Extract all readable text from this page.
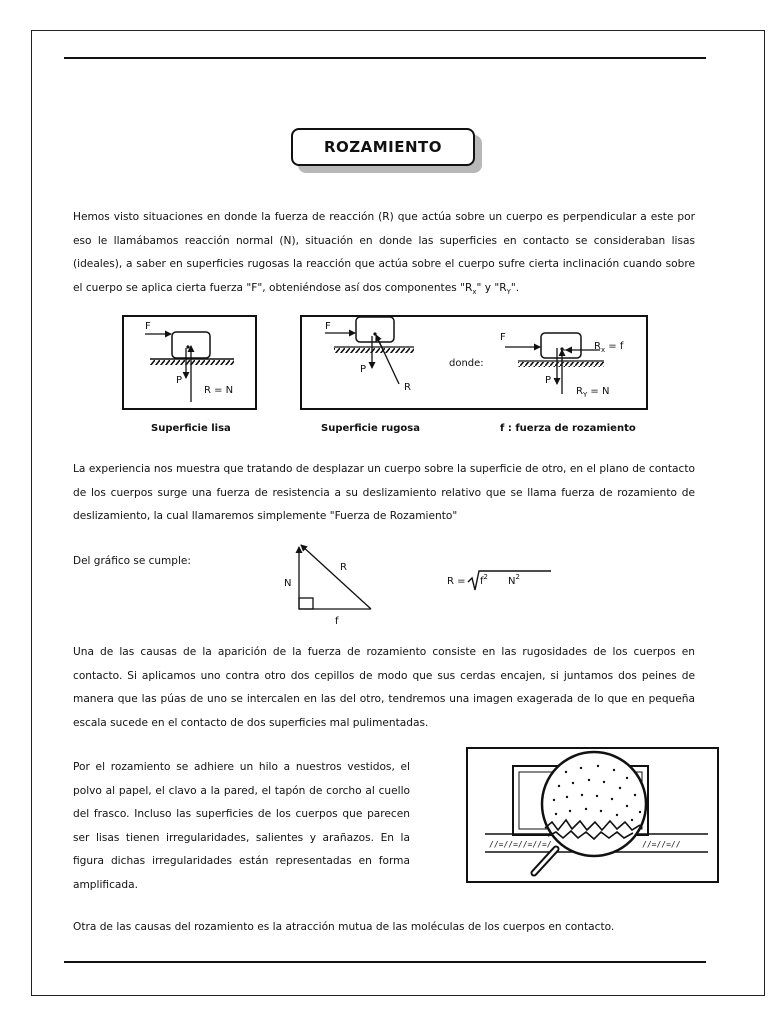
ROZAMIENTO

Hemos visto situaciones en donde la fuerza de reacción (R) que actúa sobre un cuerpo es perpendicular a este por eso le llamábamos reacción normal (N), situación en donde las superficies en contacto se consideraban lisas (ideales), a saber en superficies rugosas la reacción que actúa sobre el cuerpo sufre cierta inclinación cuando sobre el cuerpo se aplica cierta fuerza "F", obteniéndose así dos componentes "$R_x$" y "$R_Y$".

F
P
R = N
F
P
R
donde:
F
P
$R_x = f$
$R_Y = N$
N
R
f
$R = f^2$ $N^2$
//=//=//=//=/	//=//=//
Superficie lisa	Superficie rugosa	f : fuerza de rozamiento

La experiencia nos muestra que tratando de desplazar un cuerpo sobre la superficie de otro, en el plano de contacto de los cuerpos surge una fuerza de resistencia a su deslizamiento relativo que se llama fuerza de rozamiento de deslizamiento, la cual llamaremos simplemente "Fuerza de Rozamiento"

Del gráfico se cumple:

Una de las causas de la aparición de la fuerza de rozamiento consiste en las rugosidades de los cuerpos en contacto. Si aplicamos uno contra otro dos cepillos de modo que sus cerdas encajen, si juntamos dos peines de manera que las púas de uno se intercalen en las del otro, tendremos una imagen exagerada de lo que en pequeña escala sucede en el contacto de dos superficies mal pulimentadas.

Por el rozamiento se adhiere un hilo a nuestros vestidos, el polvo al papel, el clavo a la pared, el tapón de corcho al cuello del frasco. Incluso las superficies de los cuerpos que parecen ser lisas tienen irregularidades, salientes y arañazos. En la figura dichas irregularidades están representadas en forma amplificada.

Otra de las causas del rozamiento es la atracción mutua de las moléculas de los cuerpos en contacto.
